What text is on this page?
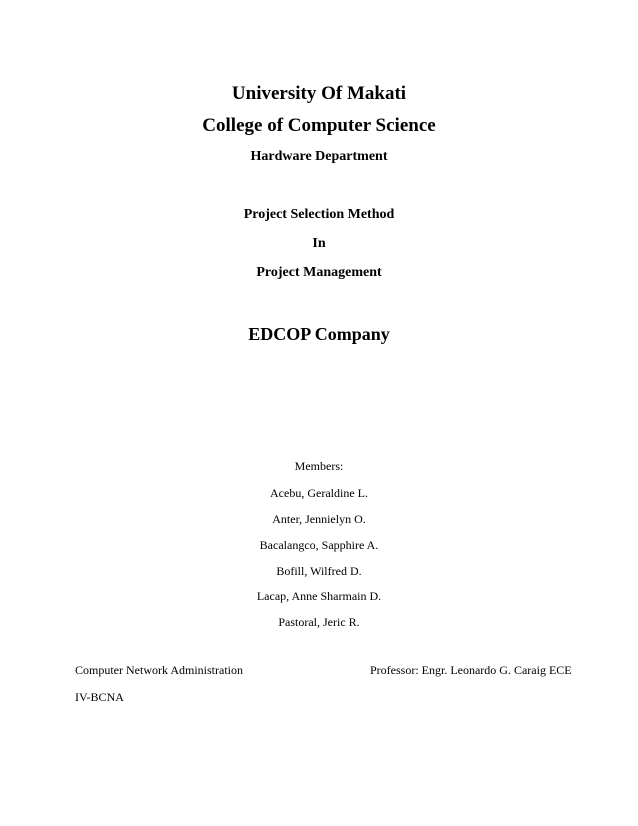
University Of Makati
College of Computer Science
Hardware Department
Project Selection Method
In
Project Management
EDCOP Company
Members:
Acebu, Geraldine L.
Anter, Jennielyn O.
Bacalangco, Sapphire A.
Bofill, Wilfred D.
Lacap, Anne Sharmain D.
Pastoral, Jeric R.
Computer Network Administration
IV-BCNA
Professor: Engr. Leonardo G. Caraig ECE
